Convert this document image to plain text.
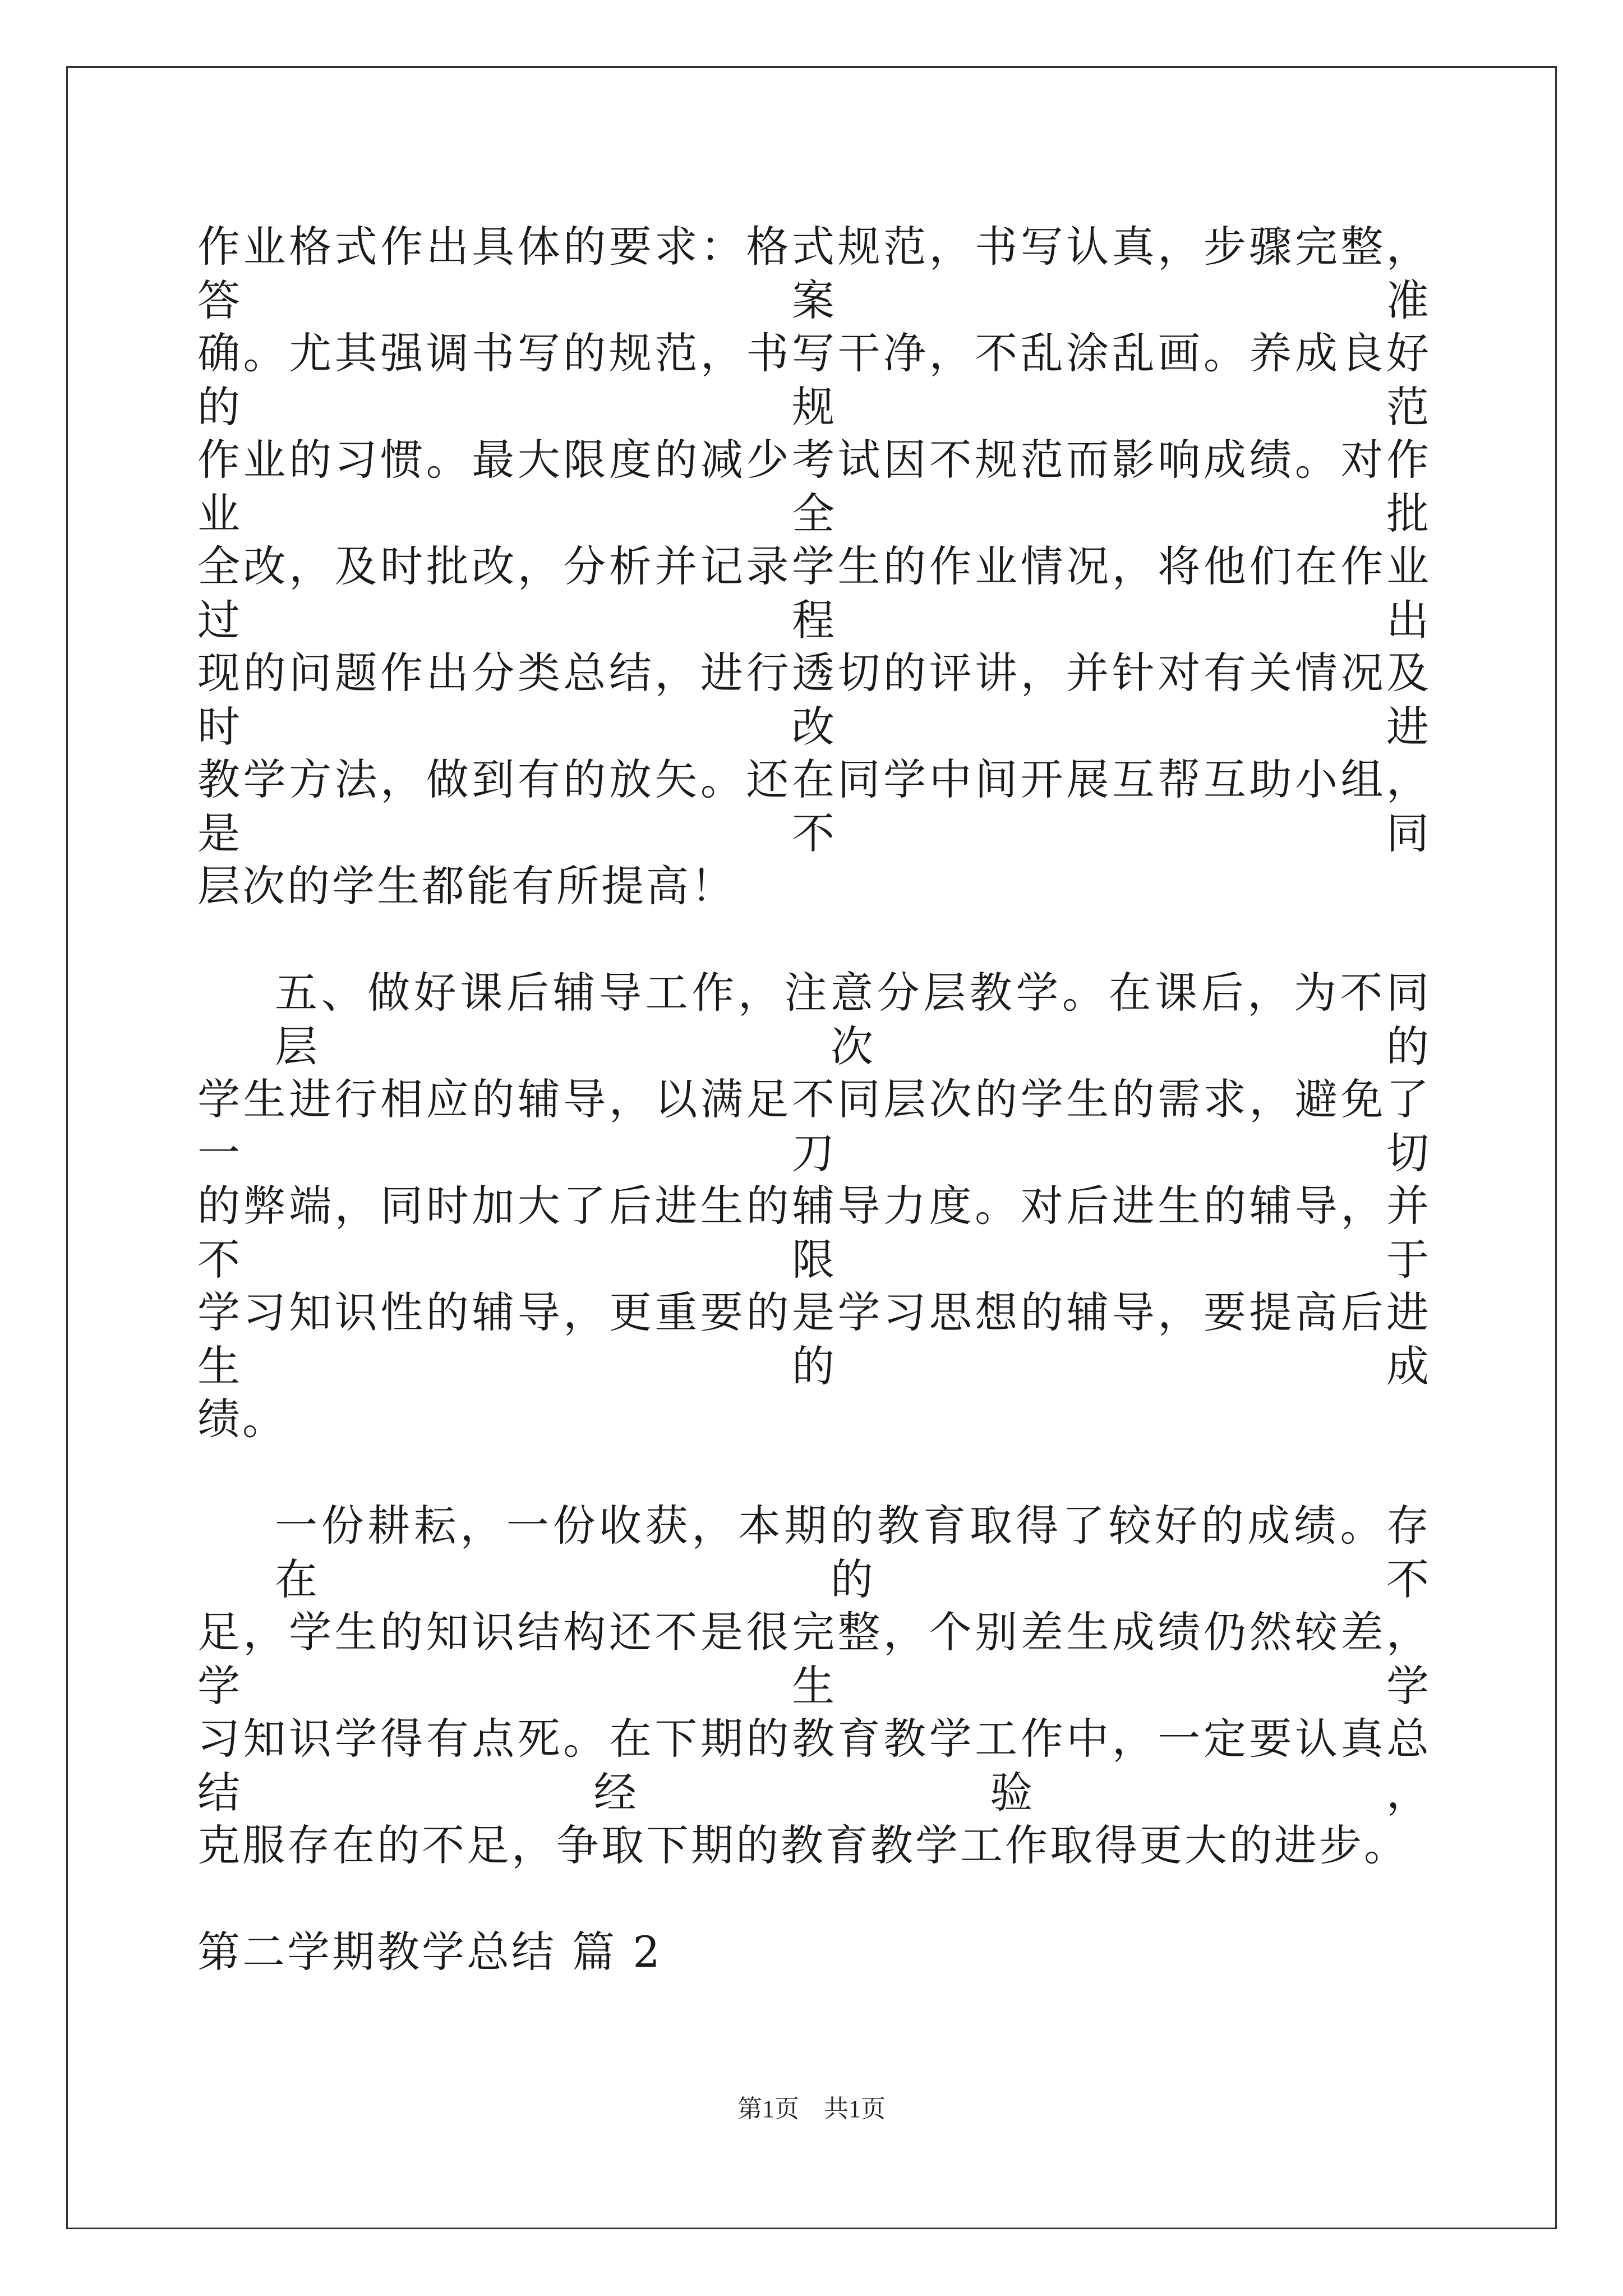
作业格式作出具体的要求：格式规范，书写认真，步骤完整，答案准
确。尤其强调书写的规范，书写干净，不乱涂乱画。养成良好的规范
作业的习惯。最大限度的减少考试因不规范而影响成绩。对作业全批
全改，及时批改，分析并记录学生的作业情况，将他们在作业过程出
现的问题作出分类总结，进行透切的评讲，并针对有关情况及时改进
教学方法，做到有的放矢。还在同学中间开展互帮互助小组，是不同
层次的学生都能有所提高！
五、做好课后辅导工作，注意分层教学。在课后，为不同层次的
学生进行相应的辅导，以满足不同层次的学生的需求，避免了一刀切
的弊端，同时加大了后进生的辅导力度。对后进生的辅导，并不限于
学习知识性的辅导，更重要的是学习思想的辅导，要提高后进生的成
绩。
一份耕耘，一份收获，本期的教育取得了较好的成绩。存在的不
足，学生的知识结构还不是很完整，个别差生成绩仍然较差，学生学
习知识学得有点死。在下期的教育教学工作中，一定要认真总结经验，
克服存在的不足，争取下期的教育教学工作取得更大的进步。
第二学期教学总结 篇 2
第1页　共1页
